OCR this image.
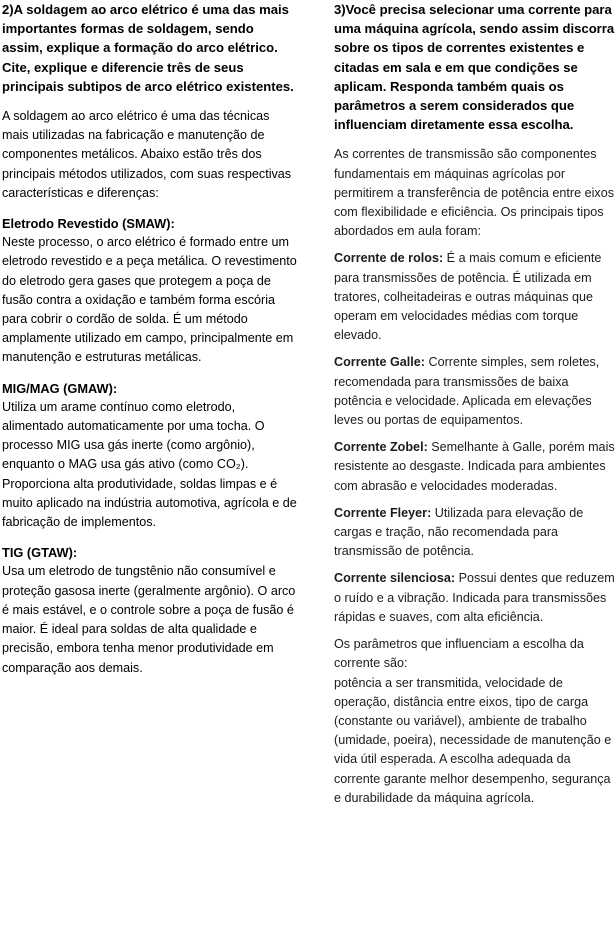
2)A soldagem ao arco elétrico é uma das mais importantes formas de soldagem, sendo assim, explique a formação do arco elétrico. Cite, explique e diferencie três de seus principais subtipos de arco elétrico existentes.

A soldagem ao arco elétrico é uma das técnicas mais utilizadas na fabricação e manutenção de componentes metálicos. Abaixo estão três dos principais métodos utilizados, com suas respectivas características e diferenças:

Eletrodo Revestido (SMAW):

Neste processo, o arco elétrico é formado entre um eletrodo revestido e a peça metálica. O revestimento do eletrodo gera gases que protegem a poça de fusão contra a oxidação e também forma escória para cobrir o cordão de solda. É um método amplamente utilizado em campo, principalmente em manutenção e estruturas metálicas.

MIG/MAG (GMAW):

Utiliza um arame contínuo como eletrodo, alimentado automaticamente por uma tocha. O processo MIG usa gás inerte (como argônio), enquanto o MAG usa gás ativo (como CO₂). Proporciona alta produtividade, soldas limpas e é muito aplicado na indústria automotiva, agrícola e de fabricação de implementos.

TIG (GTAW):

Usa um eletrodo de tungstênio não consumível e proteção gasosa inerte (geralmente argônio). O arco é mais estável, e o controle sobre a poça de fusão é maior. É ideal para soldas de alta qualidade e precisão, embora tenha menor produtividade em comparação aos demais.

3)Você precisa selecionar uma corrente para uma máquina agrícola, sendo assim discorra sobre os tipos de correntes existentes e citadas em sala e em que condições se aplicam. Responda também quais os parâmetros a serem considerados que influenciam diretamente essa escolha.

As correntes de transmissão são componentes fundamentais em máquinas agrícolas por permitirem a transferência de potência entre eixos com flexibilidade e eficiência. Os principais tipos abordados em aula foram:

Corrente de rolos: É a mais comum e eficiente para transmissões de potência. É utilizada em tratores, colheitadeiras e outras máquinas que operam em velocidades médias com torque elevado.

Corrente Galle: Corrente simples, sem roletes, recomendada para transmissões de baixa potência e velocidade. Aplicada em elevações leves ou portas de equipamentos.

Corrente Zobel: Semelhante à Galle, porém mais resistente ao desgaste. Indicada para ambientes com abrasão e velocidades moderadas.

Corrente Fleyer: Utilizada para elevação de cargas e tração, não recomendada para transmissão de potência.

Corrente silenciosa: Possui dentes que reduzem o ruído e a vibração. Indicada para transmissões rápidas e suaves, com alta eficiência.

Os parâmetros que influenciam a escolha da corrente são:

potência a ser transmitida, velocidade de operação, distância entre eixos, tipo de carga (constante ou variável), ambiente de trabalho (umidade, poeira), necessidade de manutenção e vida útil esperada. A escolha adequada da corrente garante melhor desempenho, segurança e durabilidade da máquina agrícola.
